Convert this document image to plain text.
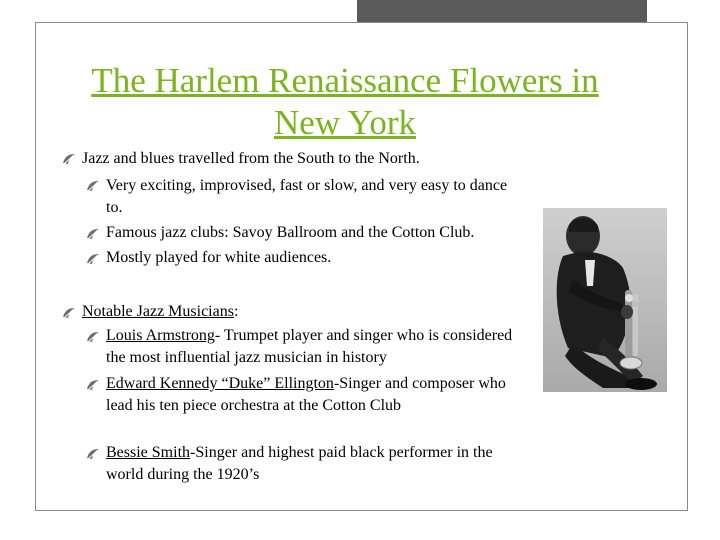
The Harlem Renaissance Flowers in New York
Jazz and blues travelled from the South to the North.
Very exciting, improvised, fast or slow, and very easy to dance to.
Famous jazz clubs: Savoy Ballroom and the Cotton Club.
Mostly played for white audiences.
Notable Jazz Musicians:
Louis Armstrong- Trumpet player and singer who is considered the most influential jazz musician in history
Edward Kennedy “Duke” Ellington-Singer and composer who lead his ten piece orchestra at the Cotton Club
Bessie Smith-Singer and highest paid black performer in the world during the 1920’s
